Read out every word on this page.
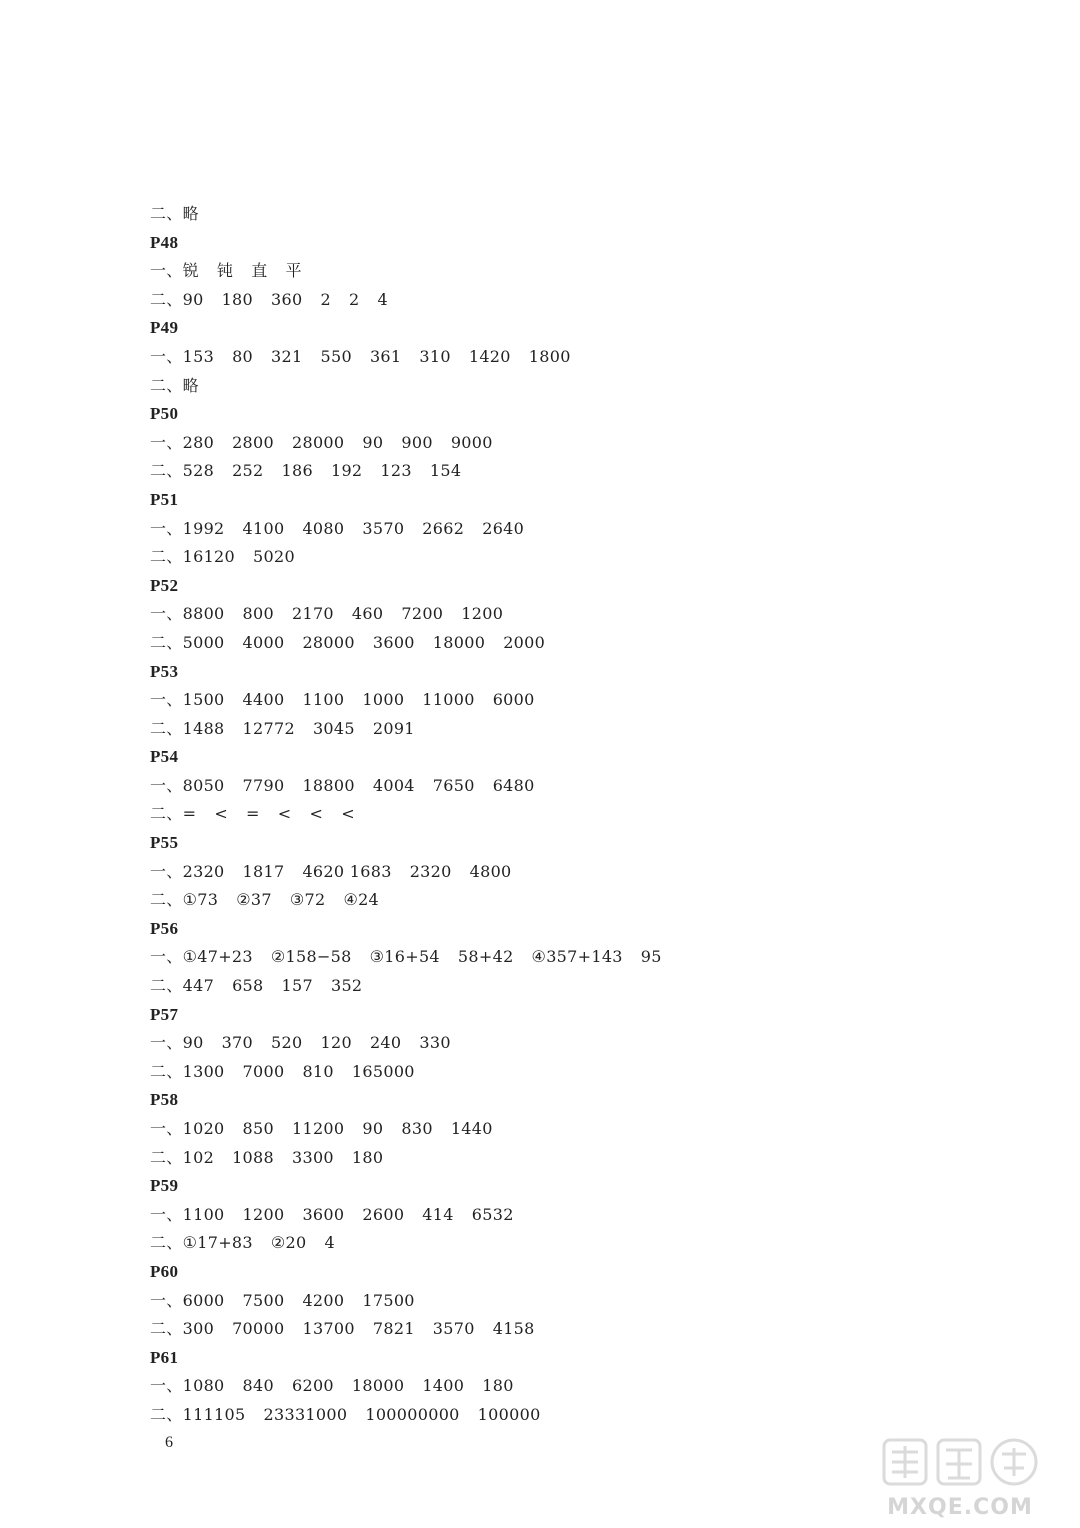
二、略
P48
一、锐 钝 直 平
二、90 180 360 2 2 4
P49
一、153 80 321 550 361 310 1420 1800
二、略
P50
一、280 2800 28000 90 900 9000
二、528 252 186 192 123 154
P51
一、1992 4100 4080 3570 2662 2640
二、16120 5020
P52
一、8800 800 2170 460 7200 1200
二、5000 4000 28000 3600 18000 2000
P53
一、1500 4400 1100 1000 11000 6000
二、1488 12772 3045 2091
P54
一、8050 7790 18800 4004 7650 6480
二、= < = < < <
P55
一、2320 1817 4620 1683 2320 4800
二、①73 ②37 ③72 ④24
P56
一、①47+23 ②158−58 ③16+54 58+42 ④357+143 95
二、447 658 157 352
P57
一、90 370 520 120 240 330
二、1300 7000 810 165000
P58
一、1020 850 11200 90 830 1440
二、102 1088 3300 180
P59
一、1100 1200 3600 2600 414 6532
二、①17+83 ②20 4
P60
一、6000 7500 4200 17500
二、300 70000 13700 7821 3570 4158
P61
一、1080 840 6200 18000 1400 180
二、111105 23331000 100000000 100000
6
MXQE.COM
